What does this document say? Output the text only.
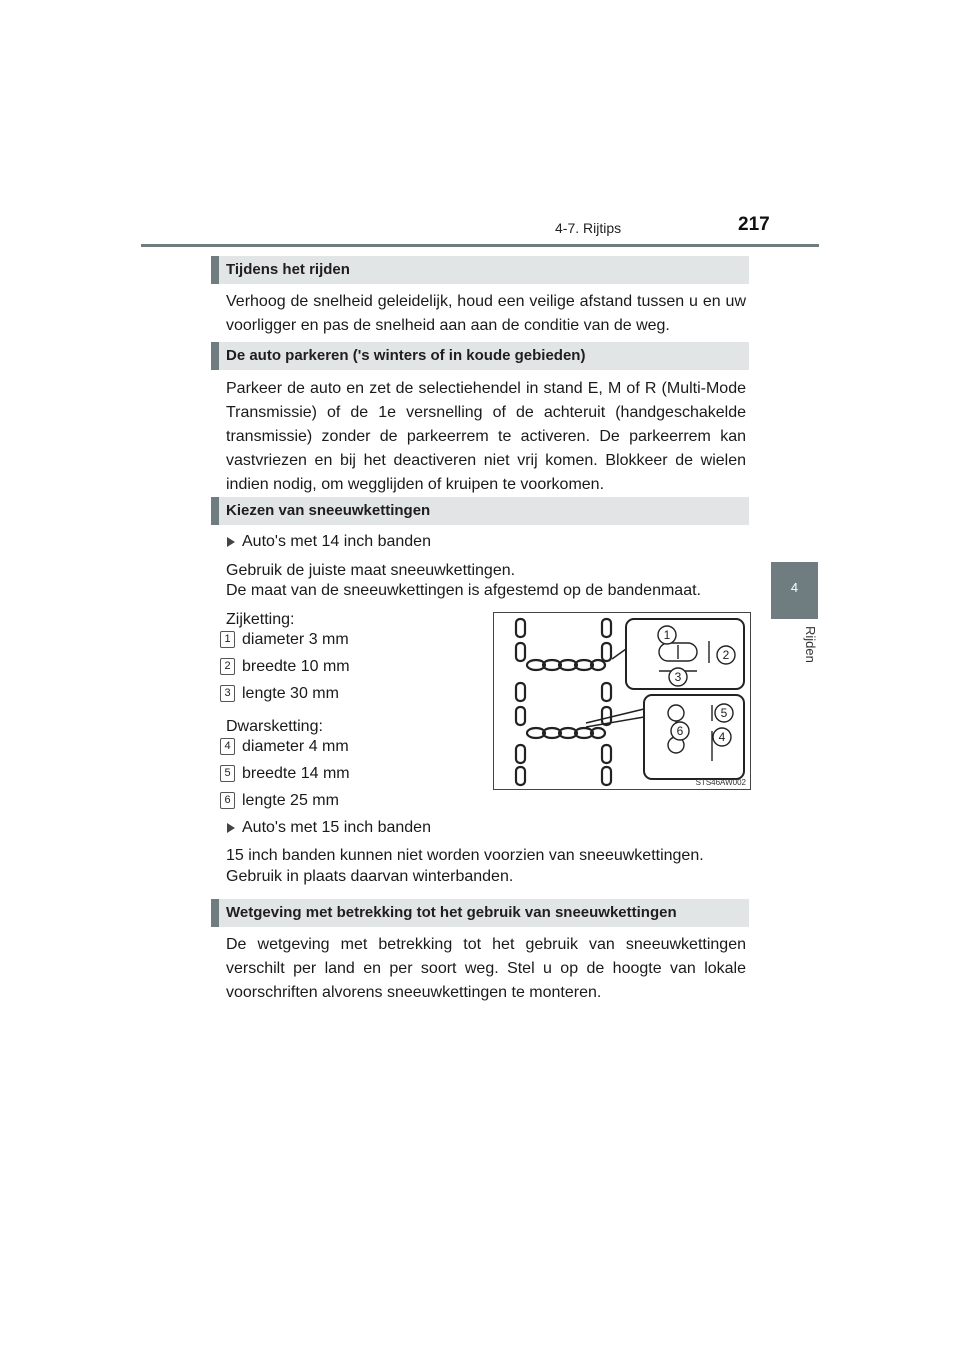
4-7. Rijtips	217
4
Rijden
Tijdens het rijden
Verhoog de snelheid geleidelijk, houd een veilige afstand tussen u en uw voorligger en pas de snelheid aan aan de conditie van de weg.
De auto parkeren ('s winters of in koude gebieden)
Parkeer de auto en zet de selectiehendel in stand E, M of R (Multi-Mode Transmissie) of de 1e versnelling of de achteruit (handgeschakelde transmissie) zonder de parkeerrem te activeren. De parkeerrem kan vastvriezen en bij het deactiveren niet vrij komen. Blokkeer de wielen indien nodig, om wegglijden of kruipen te voorkomen.
Kiezen van sneeuwkettingen
Auto's met 14 inch banden
Gebruik de juiste maat sneeuwkettingen.
De maat van de sneeuwkettingen is afgestemd op de bandenmaat.
Zijketting:
1 diameter 3 mm
2 breedte 10 mm
3 lengte 30 mm
Dwarsketting:
4 diameter 4 mm
5 breedte 14 mm
6 lengte 25 mm
Auto's met 15 inch banden
15 inch banden kunnen niet worden voorzien van sneeuwkettingen.
Gebruik in plaats daarvan winterbanden.
1
2
3
5
4
6
STS46AW002
Wetgeving met betrekking tot het gebruik van sneeuwkettingen
De wetgeving met betrekking tot het gebruik van sneeuwkettingen verschilt per land en per soort weg. Stel u op de hoogte van lokale voorschriften alvorens sneeuwkettingen te monteren.
